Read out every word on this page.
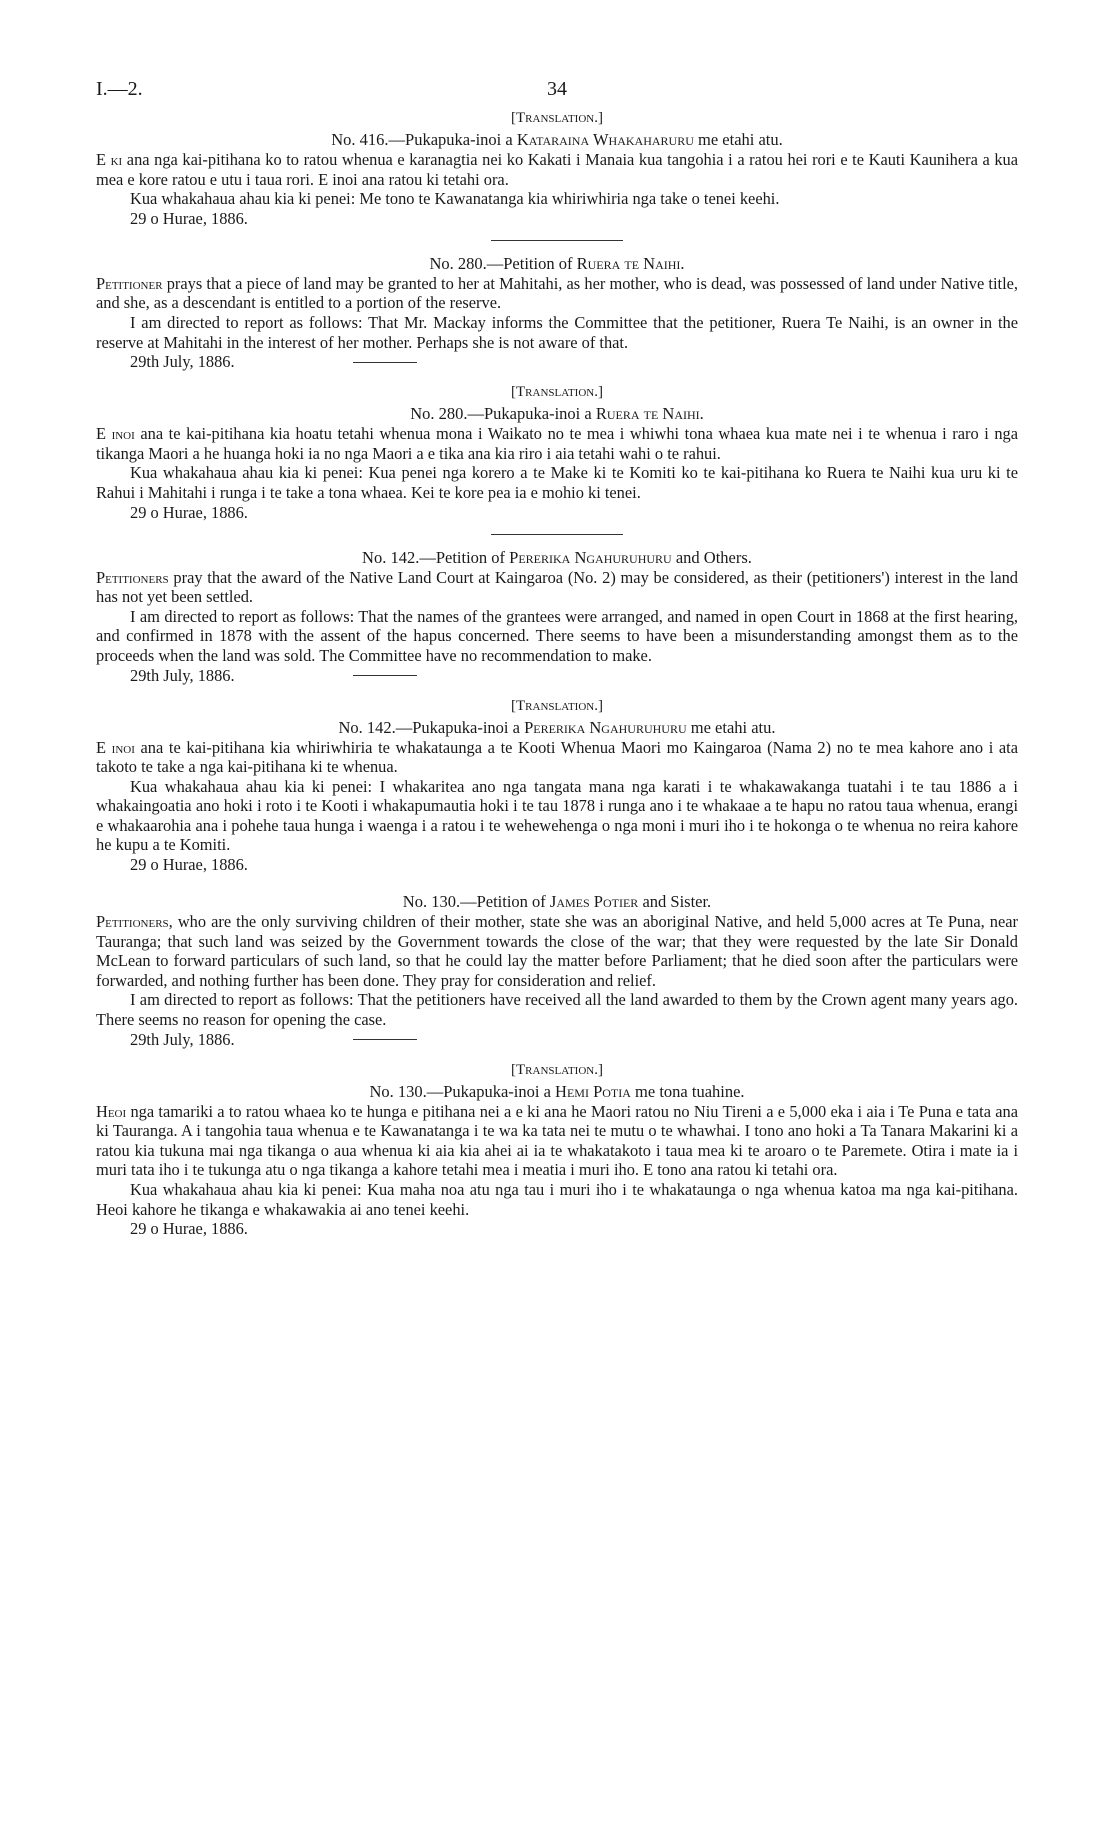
I.—2.	34

[Translation.]

No. 416.—Pukapuka-inoi a Kataraina Whakaharuru me etahi atu.

E ki ana nga kai-pitihana ko to ratou whenua e karanagtia nei ko Kakati i Manaia kua tangohia i a ratou hei rori e te Kauti Kaunihera a kua mea e kore ratou e utu i taua rori. E inoi ana ratou ki tetahi ora.

Kua whakahaua ahau kia ki penei: Me tono te Kawanatanga kia whiriwhiria nga take o tenei keehi.

29 o Hurae, 1886.

No. 280.—Petition of Ruera te Naihi.

Petitioner prays that a piece of land may be granted to her at Mahitahi, as her mother, who is dead, was possessed of land under Native title, and she, as a descendant is entitled to a portion of the reserve.

I am directed to report as follows: That Mr. Mackay informs the Committee that the petitioner, Ruera Te Naihi, is an owner in the reserve at Mahitahi in the interest of her mother. Perhaps she is not aware of that.

29th July, 1886.

[Translation.]

No. 280.—Pukapuka-inoi a Ruera te Naihi.

E inoi ana te kai-pitihana kia hoatu tetahi whenua mona i Waikato no te mea i whiwhi tona whaea kua mate nei i te whenua i raro i nga tikanga Maori a he huanga hoki ia no nga Maori a e tika ana kia riro i aia tetahi wahi o te rahui.

Kua whakahaua ahau kia ki penei: Kua penei nga korero a te Make ki te Komiti ko te kai-pitihana ko Ruera te Naihi kua uru ki te Rahui i Mahitahi i runga i te take a tona whaea. Kei te kore pea ia e mohio ki tenei.

29 o Hurae, 1886.

No. 142.—Petition of Pererika Ngahuruhuru and Others.

Petitioners pray that the award of the Native Land Court at Kaingaroa (No. 2) may be considered, as their (petitioners') interest in the land has not yet been settled.

I am directed to report as follows: That the names of the grantees were arranged, and named in open Court in 1868 at the first hearing, and confirmed in 1878 with the assent of the hapus concerned. There seems to have been a misunderstanding amongst them as to the proceeds when the land was sold. The Committee have no recommendation to make.

29th July, 1886.

[Translation.]

No. 142.—Pukapuka-inoi a Pererika Ngahuruhuru me etahi atu.

E inoi ana te kai-pitihana kia whiriwhiria te whakataunga a te Kooti Whenua Maori mo Kaingaroa (Nama 2) no te mea kahore ano i ata takoto te take a nga kai-pitihana ki te whenua.

Kua whakahaua ahau kia ki penei: I whakaritea ano nga tangata mana nga karati i te whakawakanga tuatahi i te tau 1886 a i whakaingoatia ano hoki i roto i te Kooti i whakapumautia hoki i te tau 1878 i runga ano i te whakaae a te hapu no ratou taua whenua, erangi e whakaarohia ana i pohehe taua hunga i waenga i a ratou i te wehewehenga o nga moni i muri iho i te hokonga o te whenua no reira kahore he kupu a te Komiti.

29 o Hurae, 1886.

No. 130.—Petition of James Potier and Sister.

Petitioners, who are the only surviving children of their mother, state she was an aboriginal Native, and held 5,000 acres at Te Puna, near Tauranga; that such land was seized by the Government towards the close of the war; that they were requested by the late Sir Donald McLean to forward particulars of such land, so that he could lay the matter before Parliament; that he died soon after the particulars were forwarded, and nothing further has been done. They pray for consideration and relief.

I am directed to report as follows: That the petitioners have received all the land awarded to them by the Crown agent many years ago. There seems no reason for opening the case.

29th July, 1886.

[Translation.]

No. 130.—Pukapuka-inoi a Hemi Potia me tona tuahine.

Heoi nga tamariki a to ratou whaea ko te hunga e pitihana nei a e ki ana he Maori ratou no Niu Tireni a e 5,000 eka i aia i Te Puna e tata ana ki Tauranga. A i tangohia taua whenua e te Kawanatanga i te wa ka tata nei te mutu o te whawhai. I tono ano hoki a Ta Tanara Makarini ki a ratou kia tukuna mai nga tikanga o aua whenua ki aia kia ahei ai ia te whakatakoto i taua mea ki te aroaro o te Paremete. Otira i mate ia i muri tata iho i te tukunga atu o nga tikanga a kahore tetahi mea i meatia i muri iho. E tono ana ratou ki tetahi ora.

Kua whakahaua ahau kia ki penei: Kua maha noa atu nga tau i muri iho i te whakataunga o nga whenua katoa ma nga kai-pitihana. Heoi kahore he tikanga e whakawakia ai ano tenei keehi.

29 o Hurae, 1886.
